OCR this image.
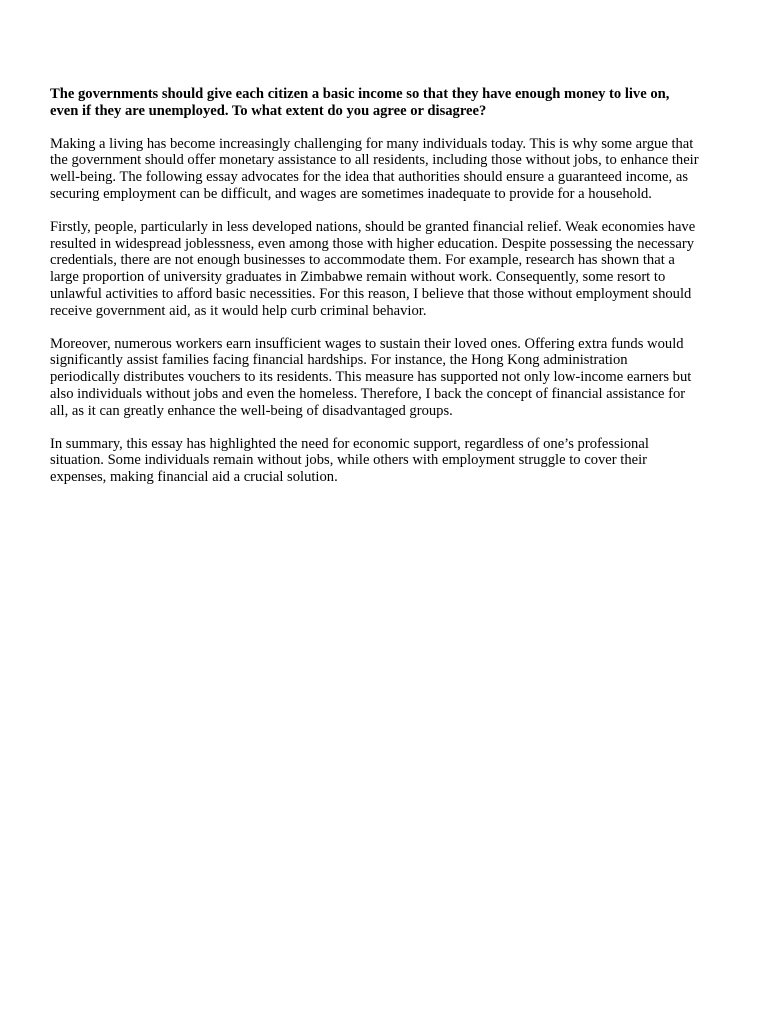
The governments should give each citizen a basic income so that they have enough money to live on, even if they are unemployed. To what extent do you agree or disagree?

Making a living has become increasingly challenging for many individuals today. This is why some argue that the government should offer monetary assistance to all residents, including those without jobs, to enhance their well-being. The following essay advocates for the idea that authorities should ensure a guaranteed income, as securing employment can be difficult, and wages are sometimes inadequate to provide for a household.

Firstly, people, particularly in less developed nations, should be granted financial relief. Weak economies have resulted in widespread joblessness, even among those with higher education. Despite possessing the necessary credentials, there are not enough businesses to accommodate them. For example, research has shown that a large proportion of university graduates in Zimbabwe remain without work. Consequently, some resort to unlawful activities to afford basic necessities. For this reason, I believe that those without employment should receive government aid, as it would help curb criminal behavior.

Moreover, numerous workers earn insufficient wages to sustain their loved ones. Offering extra funds would significantly assist families facing financial hardships. For instance, the Hong Kong administration periodically distributes vouchers to its residents. This measure has supported not only low-income earners but also individuals without jobs and even the homeless. Therefore, I back the concept of financial assistance for all, as it can greatly enhance the well-being of disadvantaged groups.

In summary, this essay has highlighted the need for economic support, regardless of one’s professional situation. Some individuals remain without jobs, while others with employment struggle to cover their expenses, making financial aid a crucial solution.
